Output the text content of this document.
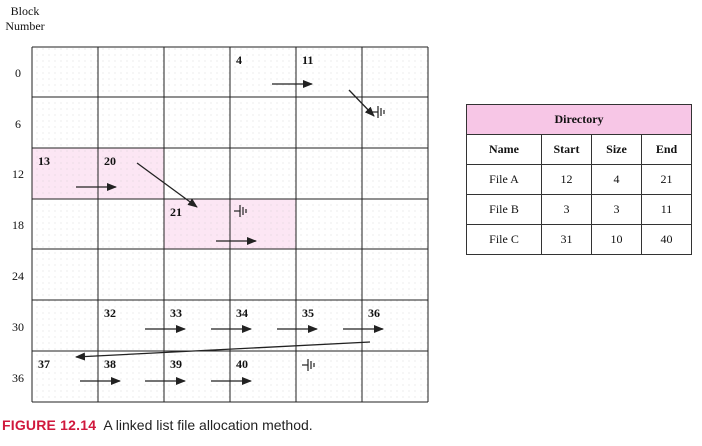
Block
Number
0
6
12
18
24
30
36
4	11
13	20
21
32	33	34	35	36
37	38	39	40
Directory			
Name	Start	Size	End
File A	12	4	21
File B	3	3	11
File C	31	10	40
FIGURE 12.14 A linked list file allocation method.
